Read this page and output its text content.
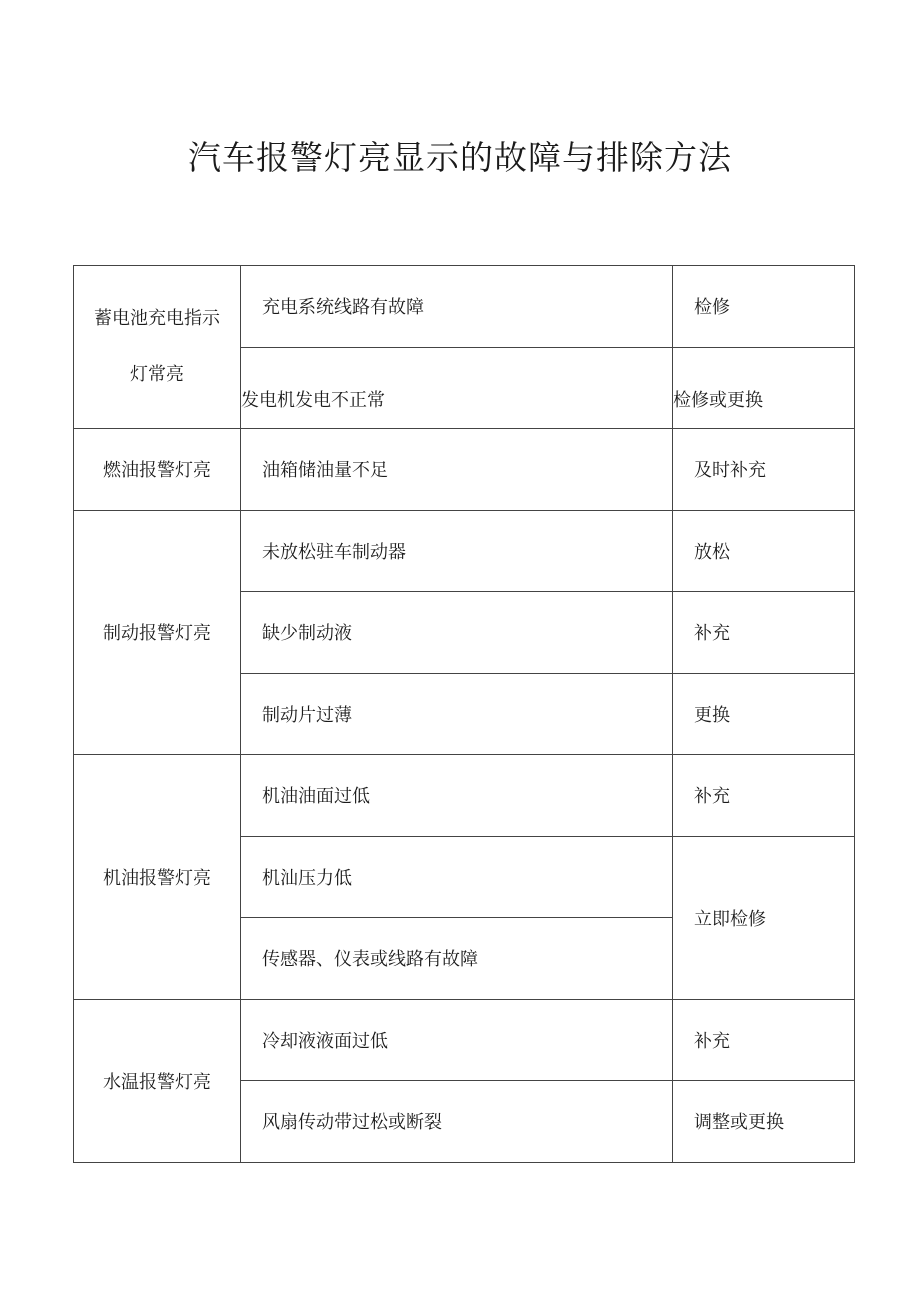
汽车报警灯亮显示的故障与排除方法
蓄电池充电指示
灯常亮	充电系统线路有故障	检修
	发电机发电不正常	检修或更换
燃油报警灯亮	油箱储油量不足	及时补充
制动报警灯亮	未放松驻车制动器	放松
	缺少制动液	补充
	制动片过薄	更换
机油报警灯亮	机油油面过低	补充
	机汕压力低	立即检修
	传感器、仪表或线路有故障	
水温报警灯亮	冷却液液面过低	补充
	风扇传动带过松或断裂	调整或更换
